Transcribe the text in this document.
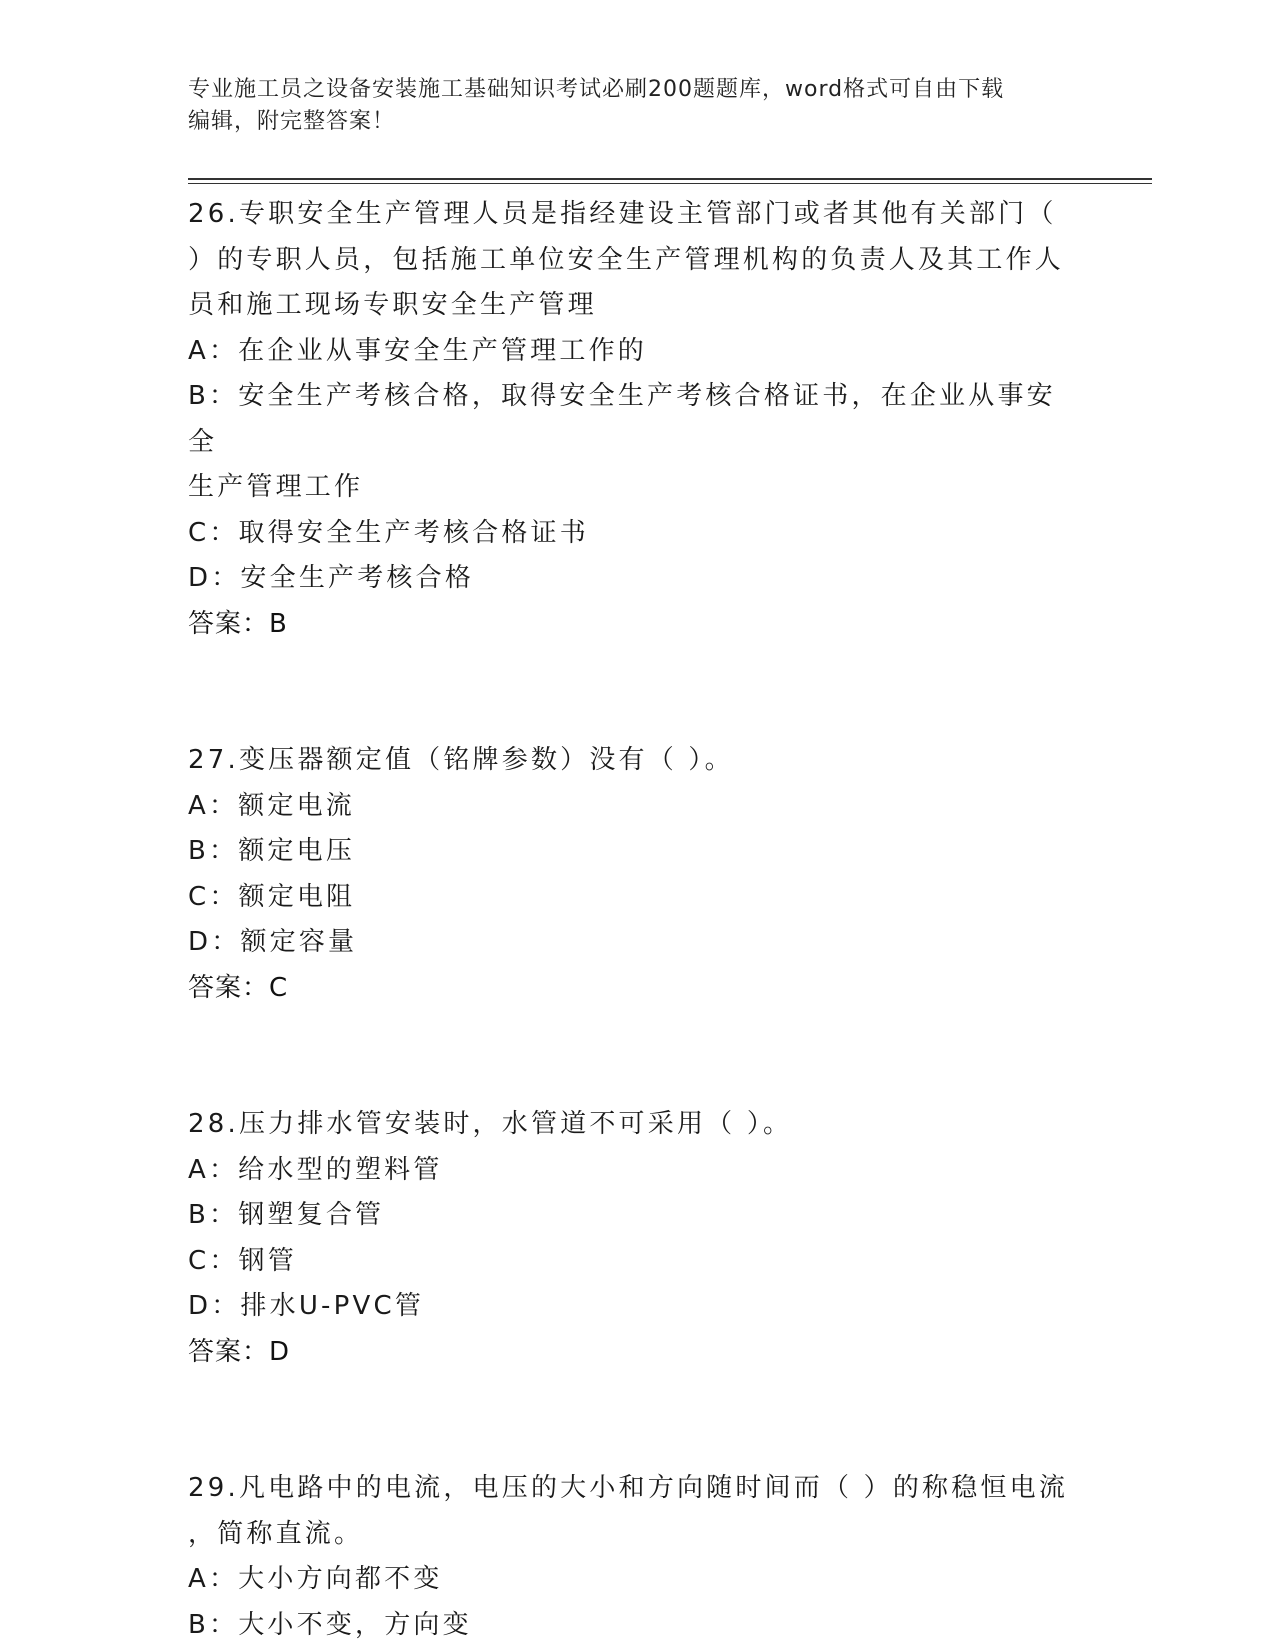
专业施工员之设备安装施工基础知识考试必刷200题题库，word格式可自由下载
编辑，附完整答案！
26.专职安全生产管理人员是指经建设主管部门或者其他有关部门（
）的专职人员，包括施工单位安全生产管理机构的负责人及其工作人
员和施工现场专职安全生产管理
A：在企业从事安全生产管理工作的
B：安全生产考核合格，取得安全生产考核合格证书，在企业从事安全
生产管理工作
C：取得安全生产考核合格证书
D：安全生产考核合格
答案：B
27.变压器额定值（铭牌参数）没有（ ）。
A：额定电流
B：额定电压
C：额定电阻
D：额定容量
答案：C
28.压力排水管安装时，水管道不可采用（ ）。
A：给水型的塑料管
B：钢塑复合管
C：钢管
D：排水U-PVC管
答案：D
29.凡电路中的电流，电压的大小和方向随时间而（ ）的称稳恒电流
，简称直流。
A：大小方向都不变
B：大小不变，方向变
